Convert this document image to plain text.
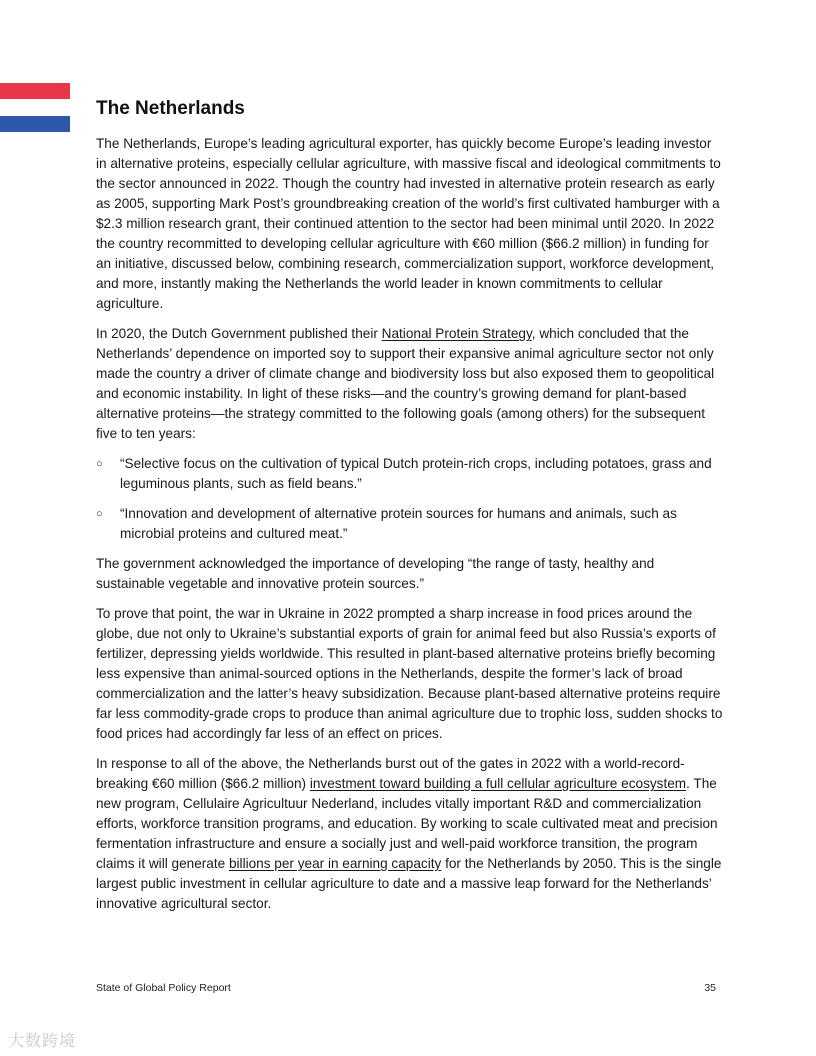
The Netherlands

The Netherlands, Europe’s leading agricultural exporter, has quickly become Europe’s leading investor in alternative proteins, especially cellular agriculture, with massive fiscal and ideological commitments to the sector announced in 2022. Though the country had invested in alternative protein research as early as 2005, supporting Mark Post’s groundbreaking creation of the world’s first cultivated hamburger with a $2.3 million research grant, their continued attention to the sector had been minimal until 2020. In 2022 the country recommitted to developing cellular agriculture with €60 million ($66.2 million) in funding for an initiative, discussed below, combining research, commercialization support, workforce development, and more, instantly making the Netherlands the world leader in known commitments to cellular agriculture.

In 2020, the Dutch Government published their National Protein Strategy, which concluded that the Netherlands’ dependence on imported soy to support their expansive animal agriculture sector not only made the country a driver of climate change and biodiversity loss but also exposed them to geopolitical and economic instability. In light of these risks—and the country’s growing demand for plant-based alternative proteins—the strategy committed to the following goals (among others) for the subsequent five to ten years:

○ “Selective focus on the cultivation of typical Dutch protein-rich crops, including potatoes, grass and leguminous plants, such as field beans.”
○ “Innovation and development of alternative protein sources for humans and animals, such as microbial proteins and cultured meat.”

The government acknowledged the importance of developing “the range of tasty, healthy and sustainable vegetable and innovative protein sources.”

To prove that point, the war in Ukraine in 2022 prompted a sharp increase in food prices around the globe, due not only to Ukraine’s substantial exports of grain for animal feed but also Russia’s exports of fertilizer, depressing yields worldwide. This resulted in plant-based alternative proteins briefly becoming less expensive than animal-sourced options in the Netherlands, despite the former’s lack of broad commercialization and the latter’s heavy subsidization. Because plant-based alternative proteins require far less commodity-grade crops to produce than animal agriculture due to trophic loss, sudden shocks to food prices had accordingly far less of an effect on prices.

In response to all of the above, the Netherlands burst out of the gates in 2022 with a world-record-breaking €60 million ($66.2 million) investment toward building a full cellular agriculture ecosystem. The new program, Cellulaire Agricultuur Nederland, includes vitally important R&D and commercialization efforts, workforce transition programs, and education. By working to scale cultivated meat and precision fermentation infrastructure and ensure a socially just and well-paid workforce transition, the program claims it will generate billions per year in earning capacity for the Netherlands by 2050. This is the single largest public investment in cellular agriculture to date and a massive leap forward for the Netherlands’ innovative agricultural sector.

State of Global Policy Report	35
大数跨境
